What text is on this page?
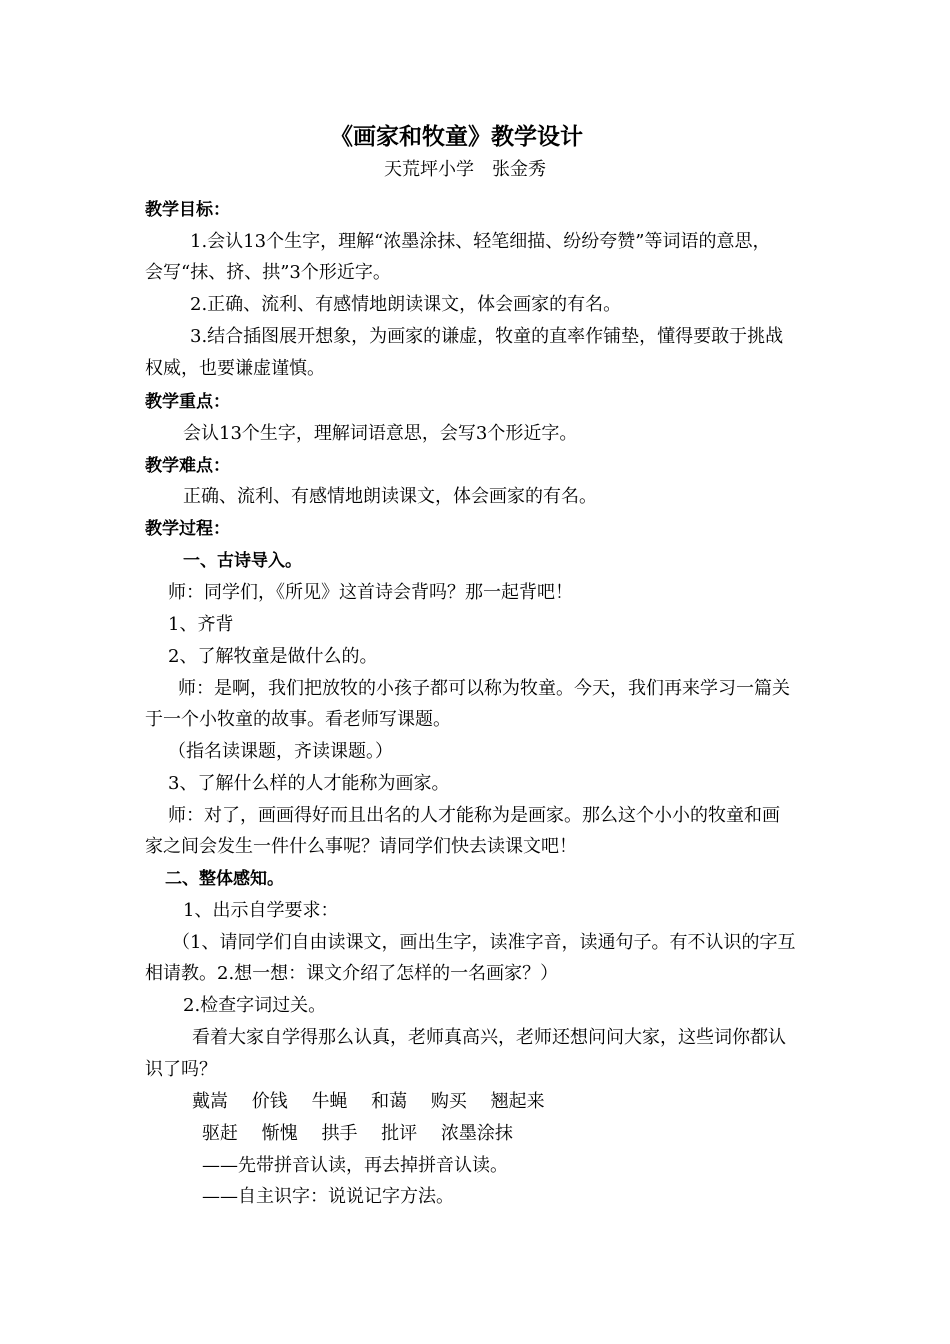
《画家和牧童》教学设计
天荒坪小学　张金秀
教学目标：
1.会认13个生字，理解“浓墨涂抹、轻笔细描、纷纷夸赞”等词语的意思，
会写“抹、挤、拱”3个形近字。
2.正确、流利、有感情地朗读课文，体会画家的有名。
3.结合插图展开想象，为画家的谦虚，牧童的直率作铺垫，懂得要敢于挑战
权威，也要谦虚谨慎。
教学重点：
会认13个生字，理解词语意思，会写3个形近字。
教学难点：
正确、流利、有感情地朗读课文，体会画家的有名。
教学过程：
一、古诗导入。
师：同学们，《所见》这首诗会背吗？那一起背吧！
1、齐背
2、了解牧童是做什么的。
师：是啊，我们把放牧的小孩子都可以称为牧童。今天，我们再来学习一篇关
于一个小牧童的故事。看老师写课题。
（指名读课题，齐读课题。）
3、了解什么样的人才能称为画家。
师：对了，画画得好而且出名的人才能称为是画家。那么这个小小的牧童和画
家之间会发生一件什么事呢？请同学们快去读课文吧！
二、整体感知。
1、出示自学要求：
（1、请同学们自由读课文，画出生字，读准字音，读通句子。有不认识的字互
相请教。2.想一想：课文介绍了怎样的一名画家？）
2.检查字词过关。
看着大家自学得那么认真，老师真高兴，老师还想问问大家，这些词你都认
识了吗？
戴嵩　 价钱　 牛蝇　 和蔼　 购买　 翘起来
驱赶　 惭愧　 拱手　 批评　 浓墨涂抹
——先带拼音认读，再去掉拼音认读。
——自主识字：说说记字方法。
